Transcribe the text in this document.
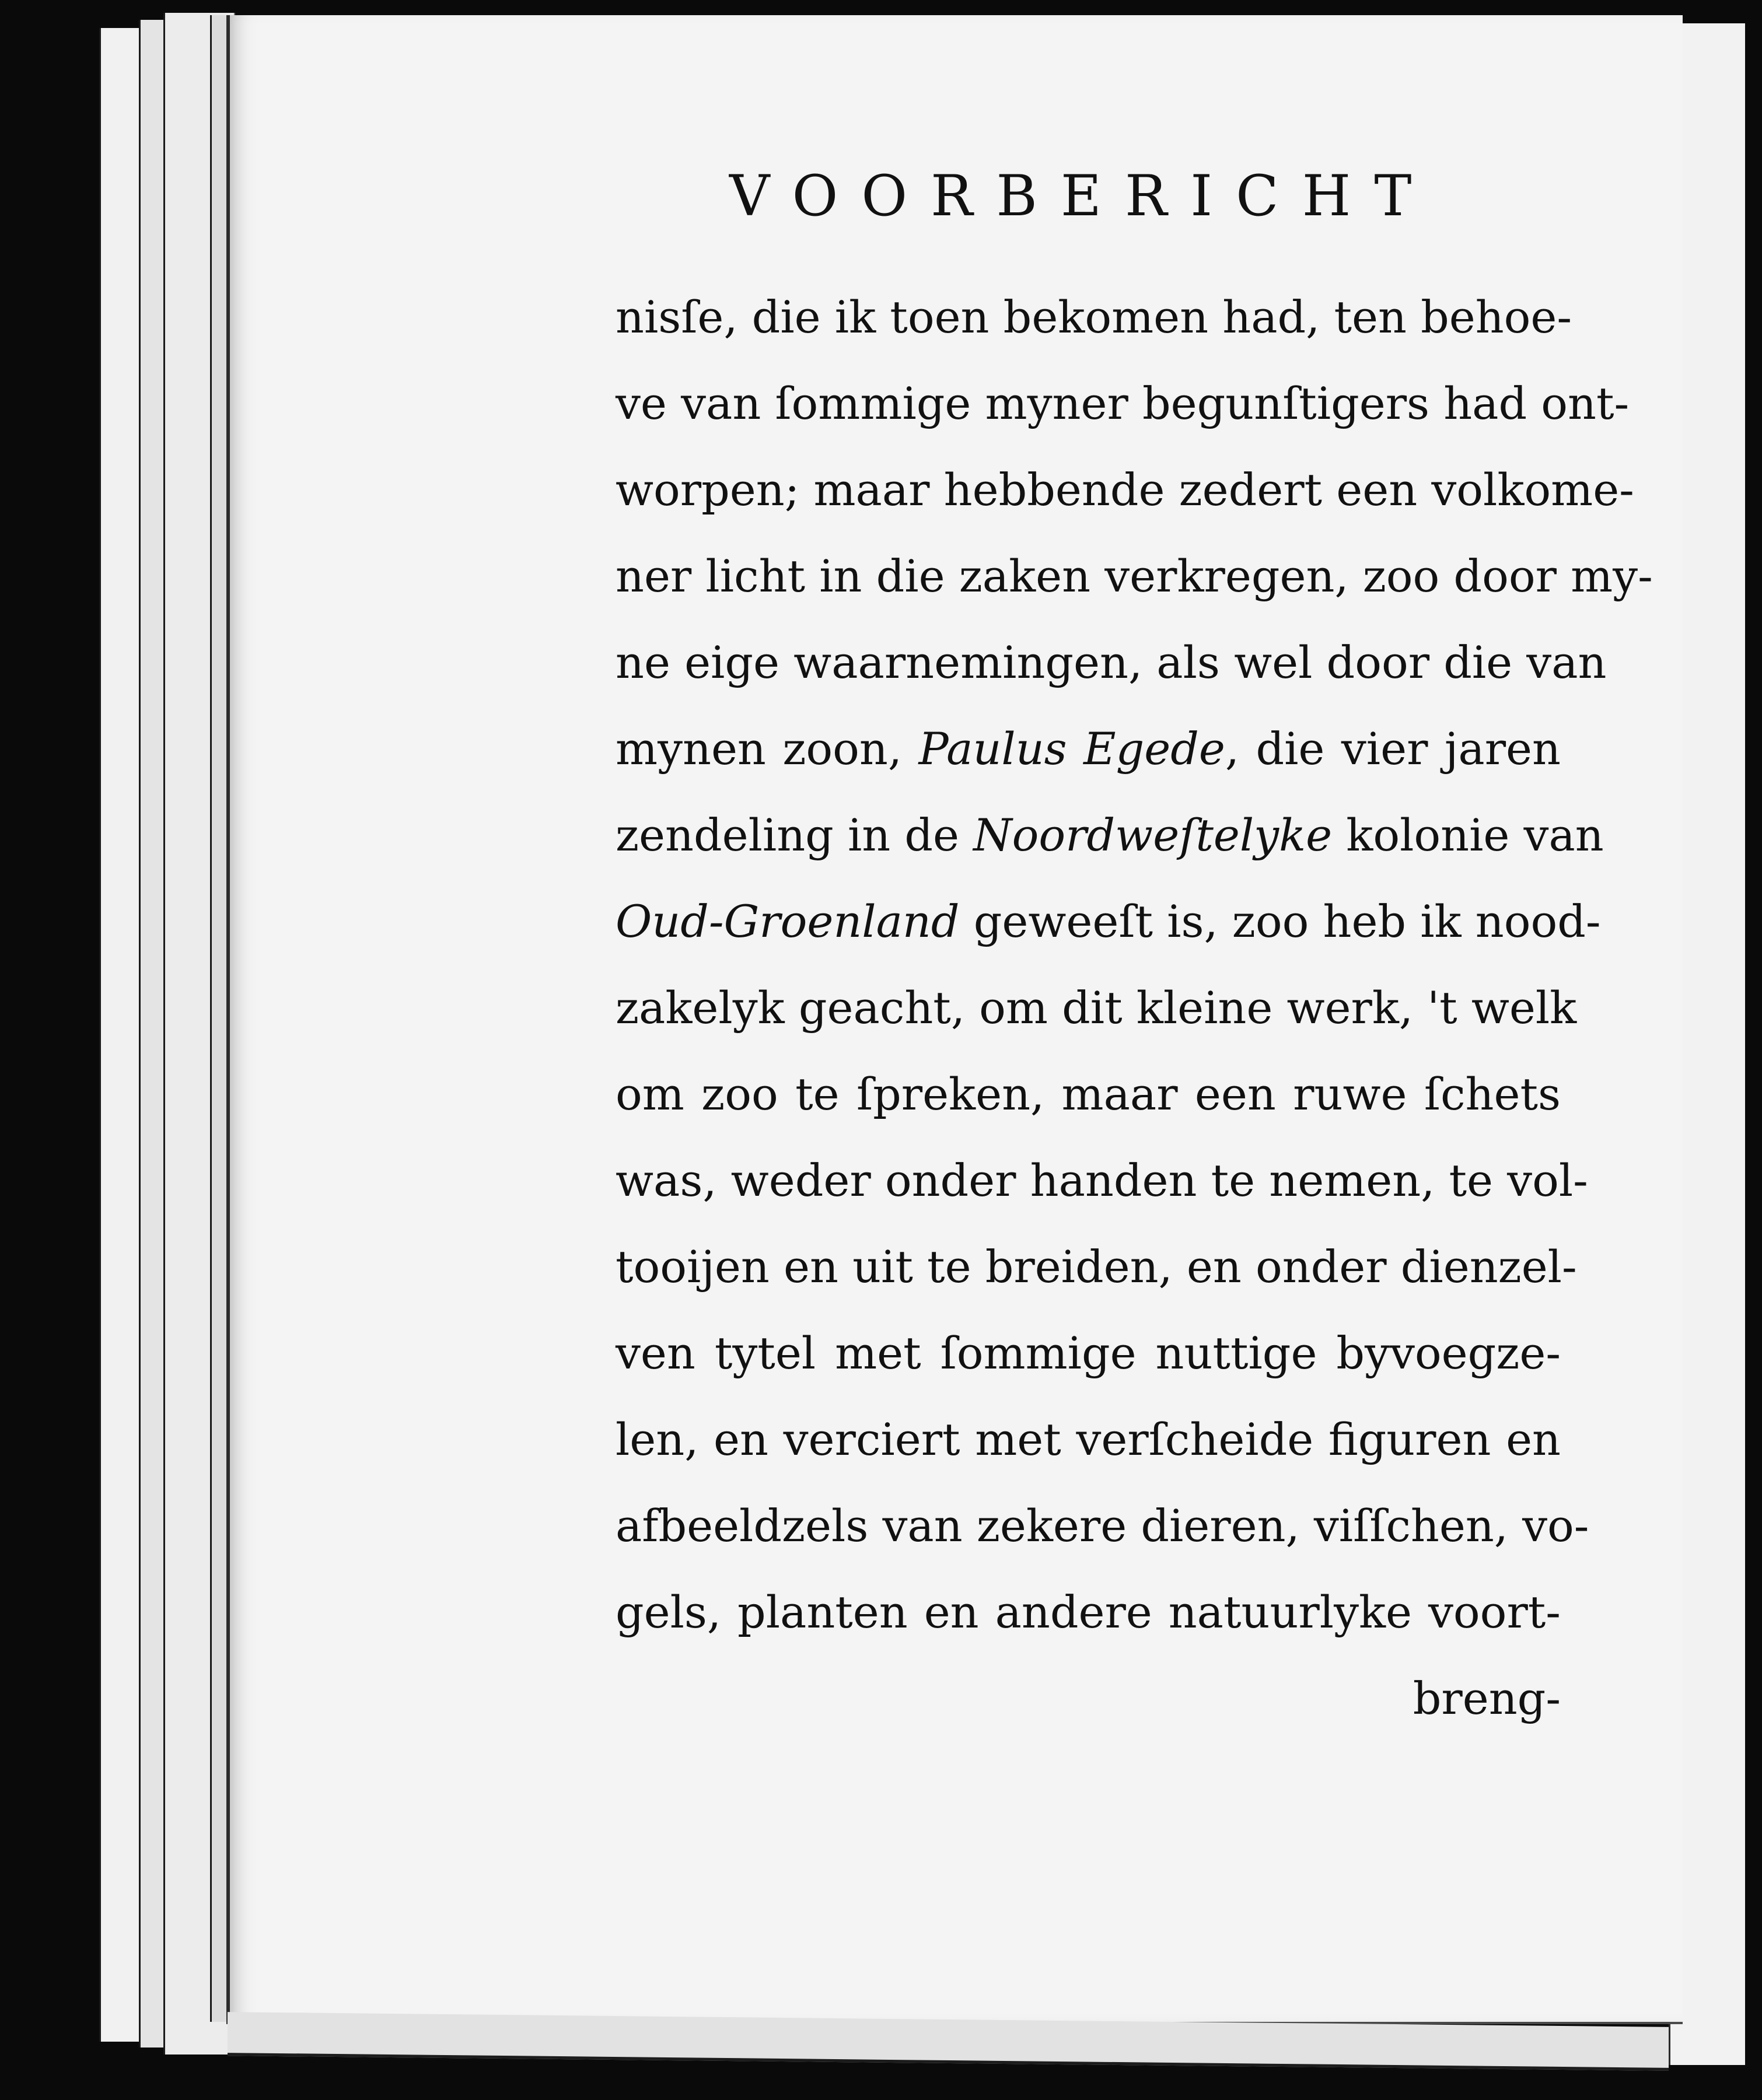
VOORBERICHT
nisſe, die ik toen bekomen had, ten behoe-
ve van ſommige myner begunſtigers had ont-
worpen; maar hebbende zedert een volkome-
ner licht in die zaken verkregen, zoo door my-
ne eige waarnemingen, als wel door die van
mynen zoon, Paulus Egede, die vier jaren
zendeling in de Noordweſtelyke kolonie van
Oud-Groenland geweeſt is, zoo heb ik nood-
zakelyk geacht, om dit kleine werk, 't welk
om zoo te ſpreken, maar een ruwe ſchets
was, weder onder handen te nemen, te vol-
tooijen en uit te breiden, en onder dienzel-
ven tytel met ſommige nuttige byvoegze-
len, en verciert met verſcheide figuren en
afbeeldzels van zekere dieren, viſſchen, vo-
gels, planten en andere natuurlyke voort-
breng-
